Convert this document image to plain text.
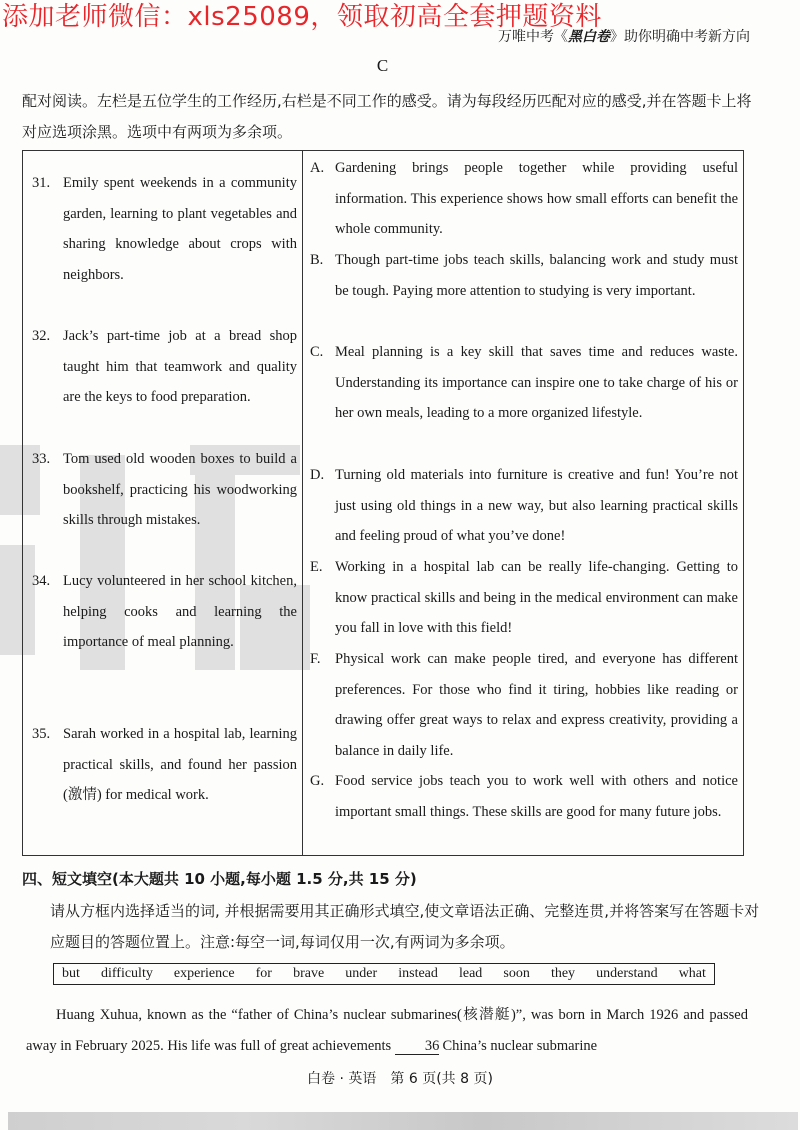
添加老师微信：xls25089，领取初高全套押题资料
万唯中考《黑白卷》助你明确中考新方向
C
配对阅读。左栏是五位学生的工作经历,右栏是不同工作的感受。请为每段经历匹配对应的感受,并在答题卡上将对应选项涂黑。选项中有两项为多余项。
31. Emily spent weekends in a community garden, learning to plant vegetables and sharing knowledge about crops with neighbors.
32. Jack’s part-time job at a bread shop taught him that teamwork and quality are the keys to food preparation.
33. Tom used old wooden boxes to build a bookshelf, practicing his woodworking skills through mistakes.
34. Lucy volunteered in her school kitchen, helping cooks and learning the importance of meal planning.
35. Sarah worked in a hospital lab, learning practical skills, and found her passion (激情) for medical work.
A. Gardening brings people together while providing useful information. This experience shows how small efforts can benefit the whole community.
B. Though part-time jobs teach skills, balancing work and study must be tough. Paying more attention to studying is very important.
C. Meal planning is a key skill that saves time and reduces waste. Understanding its importance can inspire one to take charge of his or her own meals, leading to a more organized lifestyle.
D. Turning old materials into furniture is creative and fun! You’re not just using old things in a new way, but also learning practical skills and feeling proud of what you’ve done!
E. Working in a hospital lab can be really life-changing. Getting to know practical skills and being in the medical environment can make you fall in love with this field!
F. Physical work can make people tired, and everyone has different preferences. For those who find it tiring, hobbies like reading or drawing offer great ways to relax and express creativity, providing a balance in daily life.
G. Food service jobs teach you to work well with others and notice important small things. These skills are good for many future jobs.
四、短文填空(本大题共 10 小题,每小题 1.5 分,共 15 分)
请从方框内选择适当的词, 并根据需要用其正确形式填空,使文章语法正确、完整连贯,并将答案写在答题卡对应题目的答题位置上。注意:每空一词,每词仅用一次,有两词为多余项。
but difficulty experience for brave under instead lead soon they understand what
Huang Xuhua, known as the “father of China’s nuclear submarines(核潜艇)”, was born in March 1926 and passed away in February 2025. His life was full of great achievements 36 China’s nuclear submarine
白卷 · 英语　第 6 页(共 8 页)
